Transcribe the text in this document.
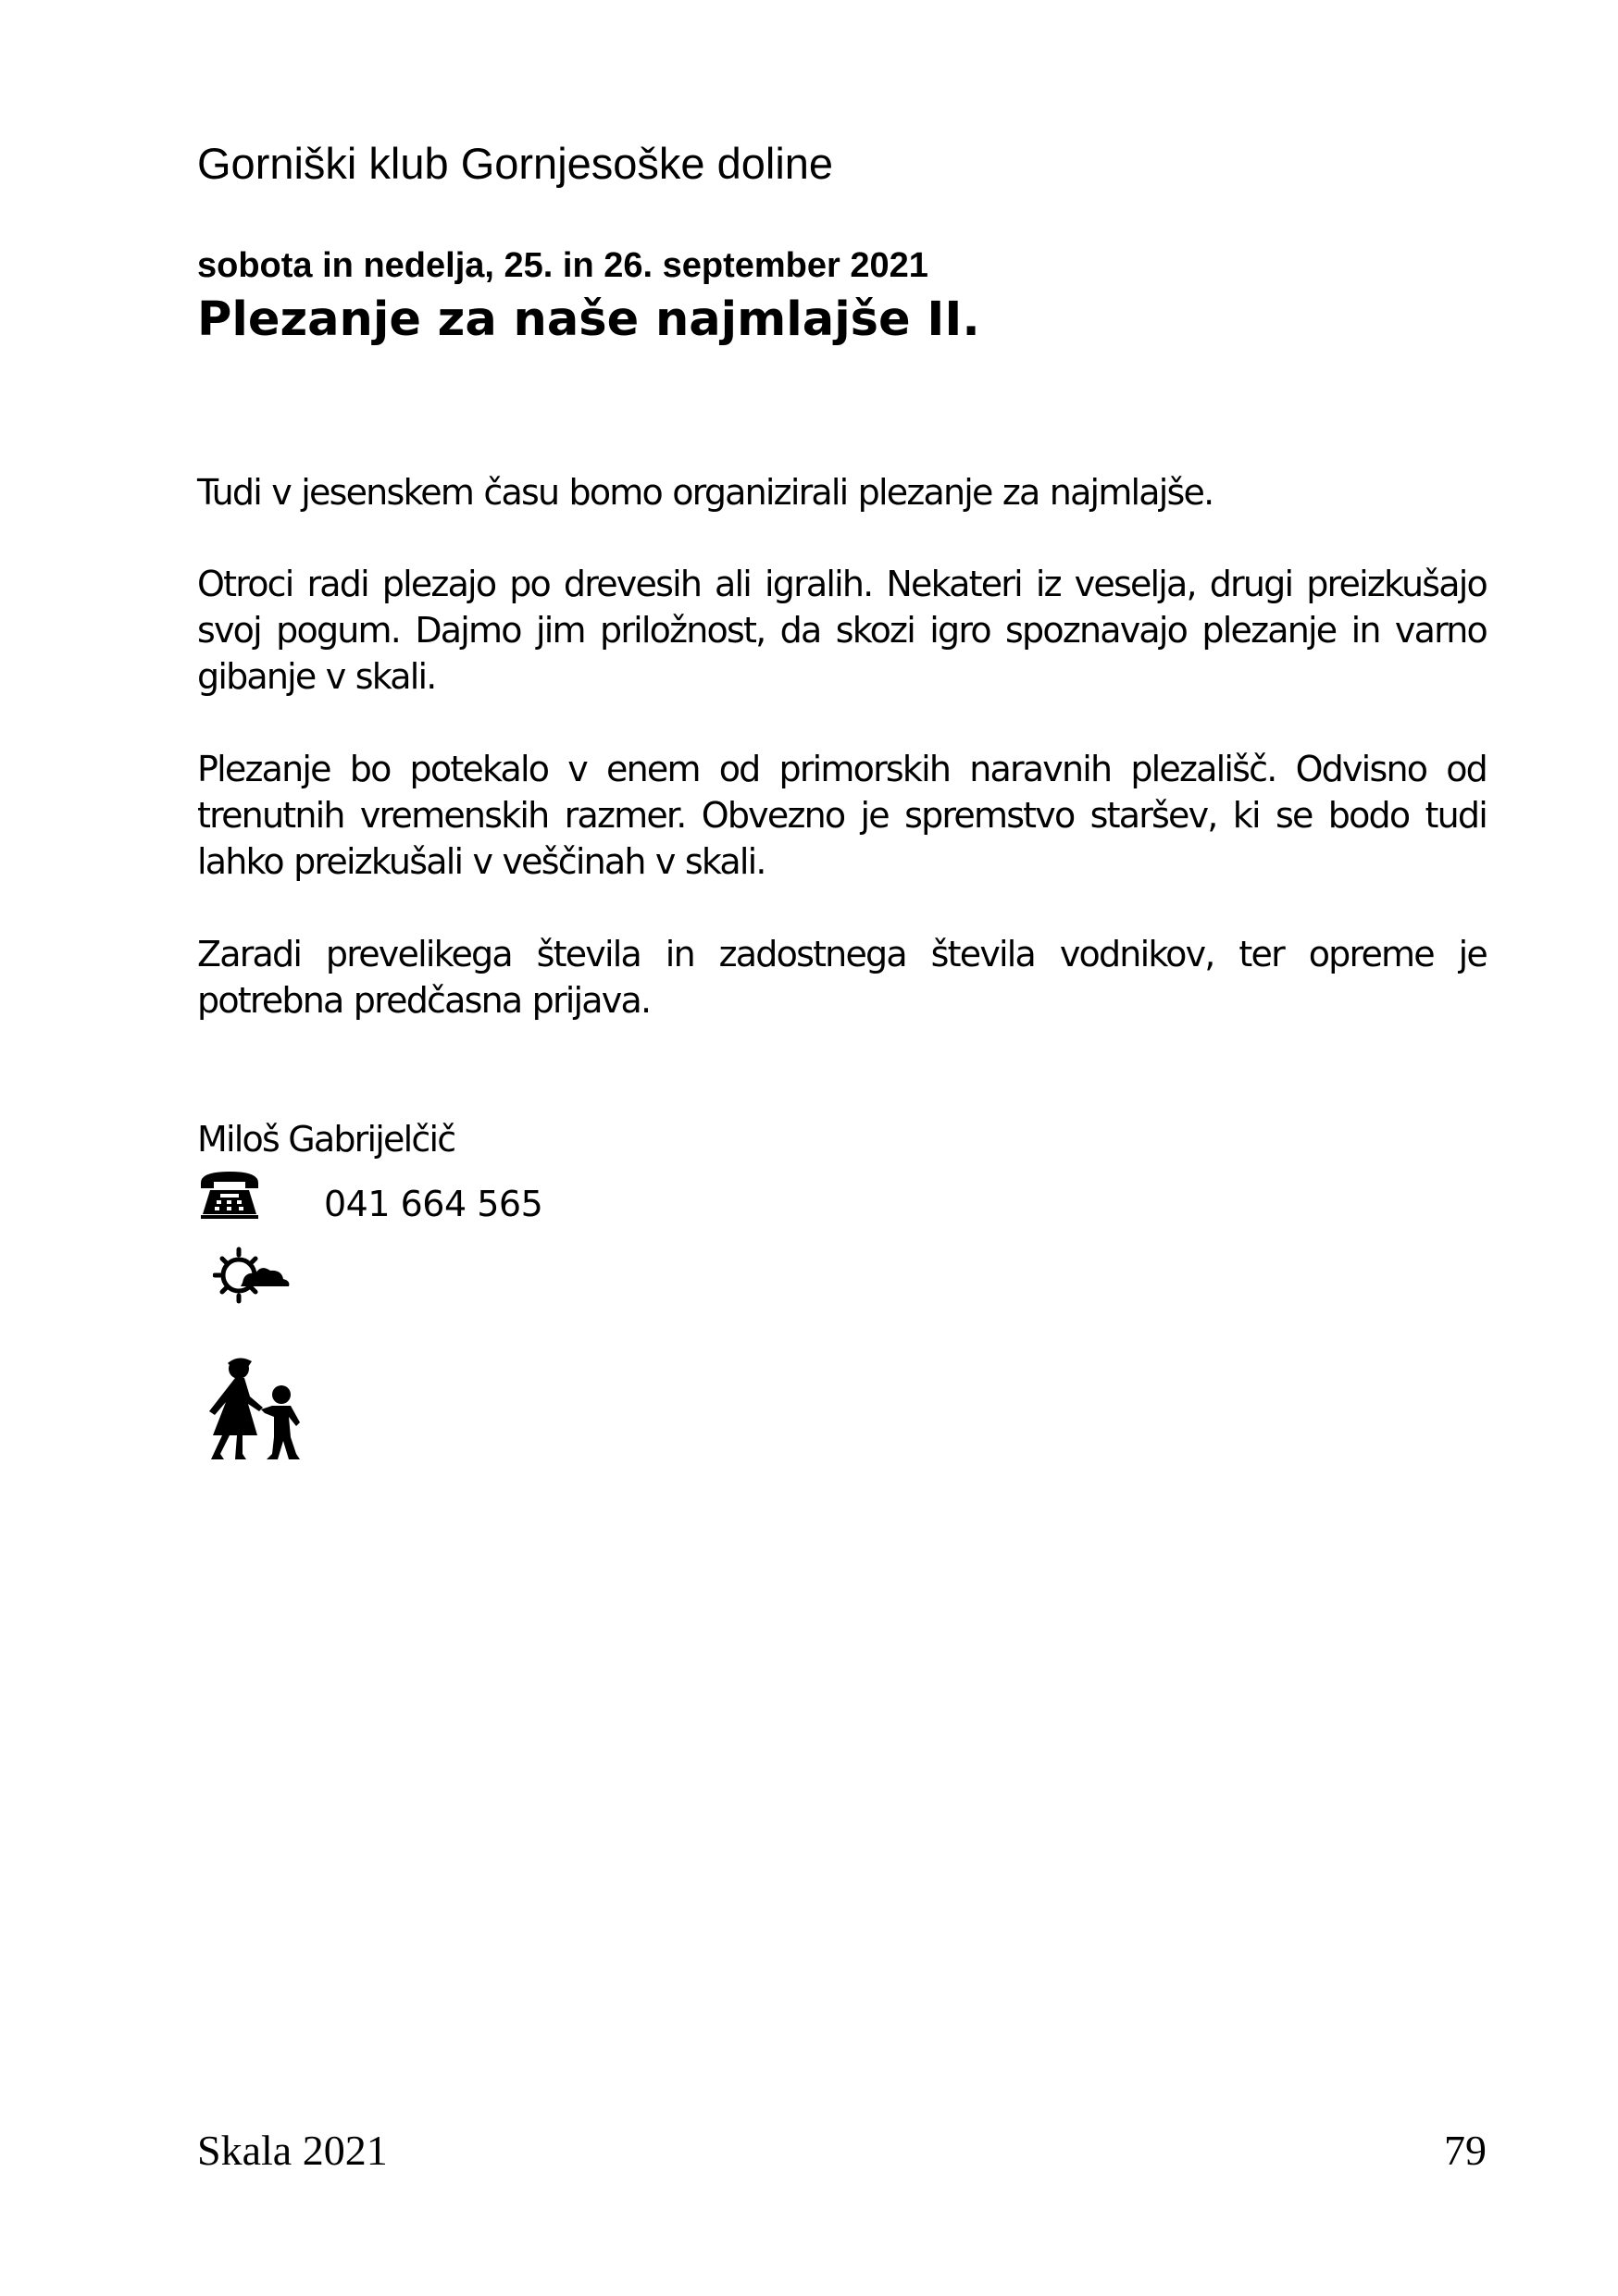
Gorniški klub Gornjesoške doline
sobota in nedelja, 25. in 26. september 2021
Plezanje za naše najmlajše II.
Tudi v jesenskem času bomo organizirali plezanje za najmlajše.
Otroci radi plezajo po drevesih ali igralih. Nekateri iz veselja, drugi preizkušajo svoj pogum. Dajmo jim priložnost, da skozi igro spoznavajo plezanje in varno gibanje v skali.
Plezanje bo potekalo v enem od primorskih naravnih plezališč. Odvisno od trenutnih vremenskih razmer. Obvezno je spremstvo staršev, ki se bodo tudi lahko preizkušali v veščinah v skali.
Zaradi prevelikega števila in zadostnega števila vodnikov, ter opreme je potrebna predčasna prijava.
Miloš Gabrijelčič
041 664 565
Skala 2021	79
